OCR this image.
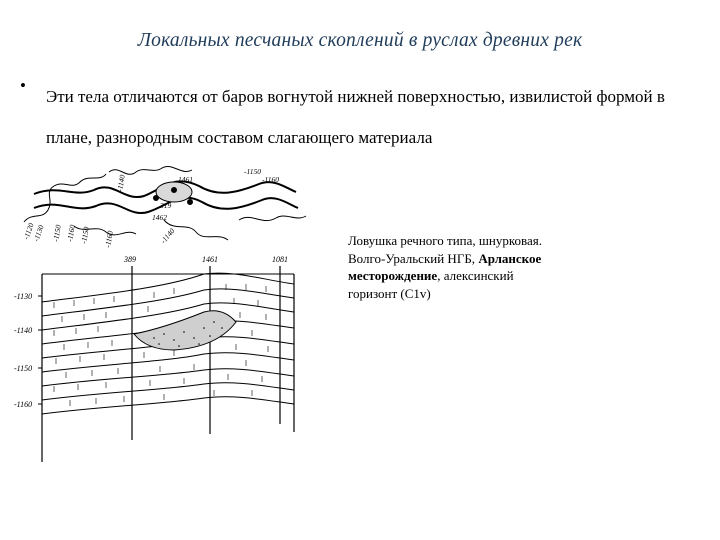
Локальных песчаных скоплений в руслах древних рек
•
Эти тела отличаются от баров вогнутой нижней поверхностью, извилистой формой в плане, разнородным составом слагающего материала
-1150 -1160 -1150 -1160
-1140
-1120
-1130	-1140
-1150
-1160
319
1461
1462
389	1461	1081
-1130
-1140
-1150
-1160
Ловушка речного типа, шнурковая.
Волго-Уральский НГБ, Арланское
месторождение, алексинский
горизонт (С1v)
